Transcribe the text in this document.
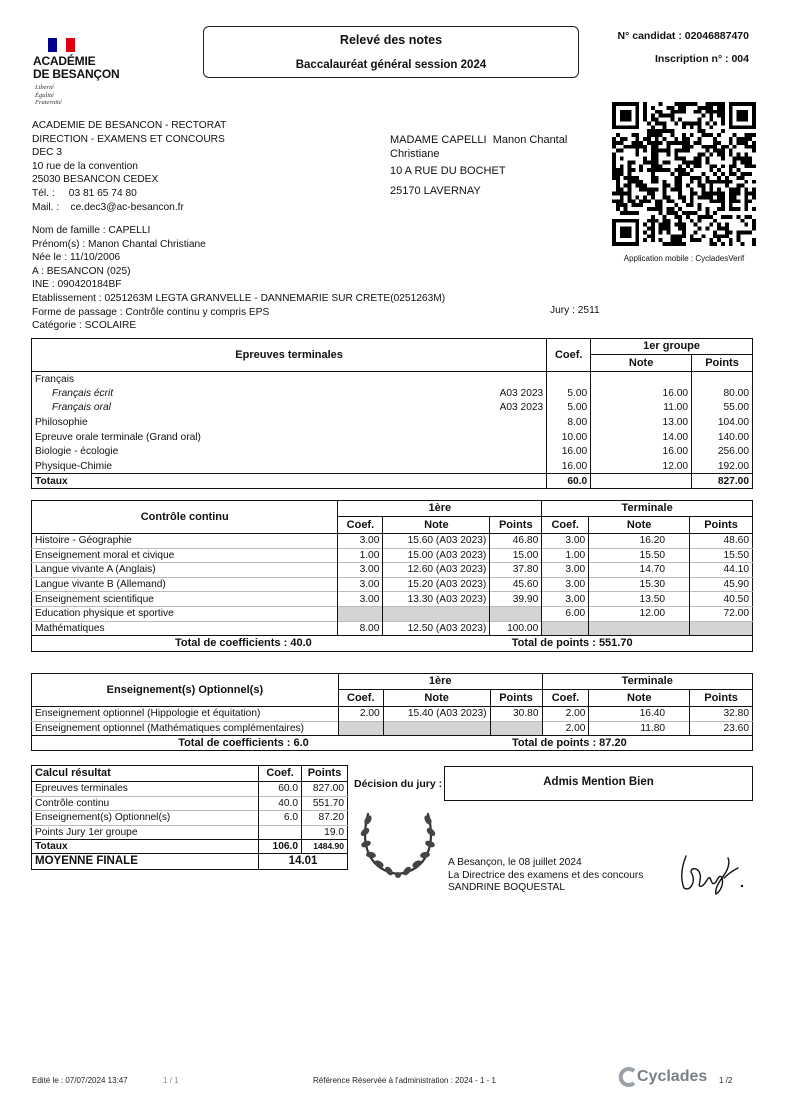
ACADÉMIE
DE BESANÇON
Liberté
Égalité
Fraternité
Relevé des notes
Baccalauréat général session 2024
N° candidat : 02046887470
Inscription n° : 004
Application mobile : CycladesVerif
ACADEMIE DE BESANCON - RECTORAT
DIRECTION - EXAMENS ET CONCOURS
DEC 3
10 rue de la convention
25030 BESANCON CEDEX
Tél. :     03 81 65 74 80
Mail. :    ce.dec3@ac-besancon.fr
MADAME CAPELLI  Manon Chantal
Christiane
10 A RUE DU BOCHET
25170 LAVERNAY
Nom de famille : CAPELLI
Prénom(s) : Manon Chantal Christiane
Née le : 11/10/2006
A : BESANCON (025)
INE : 090420184BF
Etablissement : 0251263M LEGTA GRANVELLE - DANNEMARIE SUR CRETE(0251263M)
Forme de passage : Contrôle continu y compris EPS
Catégorie : SCOLAIRE
Jury : 2511
Epreuves terminales	Coef.	1er groupe	
		Note	Points
Français

Français écrit A03 2023	5.00	16.00	80.00
Français oral A03 2023	5.00	11.00	55.00
Philosophie	8.00	13.00	104.00
Epreuve orale terminale (Grand oral)	10.00	14.00	140.00
Biologie - écologie	16.00	16.00	256.00
Physique-Chimie	16.00	12.00	192.00
Totaux	60.0		827.00
Contrôle continu	1ère			Terminale		
	Coef.	Note	Points	Coef.	Note	Points
Histoire - Géographie	3.00	15.60 (A03 2023)	46.80	3.00	16.20	48.60
Enseignement moral et civique	1.00	15.00 (A03 2023)	15.00	1.00	15.50	15.50
Langue vivante A (Anglais)	3.00	12.60 (A03 2023)	37.80	3.00	14.70	44.10
Langue vivante B (Allemand)	3.00	15.20 (A03 2023)	45.60	3.00	15.30	45.90
Enseignement scientifique	3.00	13.30 (A03 2023)	39.90	3.00	13.50	40.50
Education physique et sportive				6.00	12.00	72.00
Mathématiques	8.00	12.50 (A03 2023)	100.00			
Total de coefficients : 40.0				Total de points : 551.70		
Enseignement(s) Optionnel(s)	1ère			Terminale		
	Coef.	Note	Points	Coef.	Note	Points
Enseignement optionnel (Hippologie et équitation)	2.00	15.40 (A03 2023)	30.80	2.00	16.40	32.80
Enseignement optionnel (Mathématiques complémentaires)				2.00	11.80	23.60
Total de coefficients : 6.0				Total de points : 87.20		
Calcul résultat	Coef.	Points
Epreuves terminales	60.0	827.00
Contrôle continu	40.0	551.70
Enseignement(s) Optionnel(s)	6.0	87.20
Points Jury 1er groupe		19.0
Totaux	106.0	1484.90
MOYENNE FINALE	14.01	
Décision du jury :	Admis Mention Bien
A Besançon, le 08 juillet 2024
La Directrice des examens et des concours
SANDRINE BOQUESTAL
Edité le : 07/07/2024 13:47	1 / 1	Référence Réservée à l'administration : 2024 - 1 - 1	Cyclades 1 /2
